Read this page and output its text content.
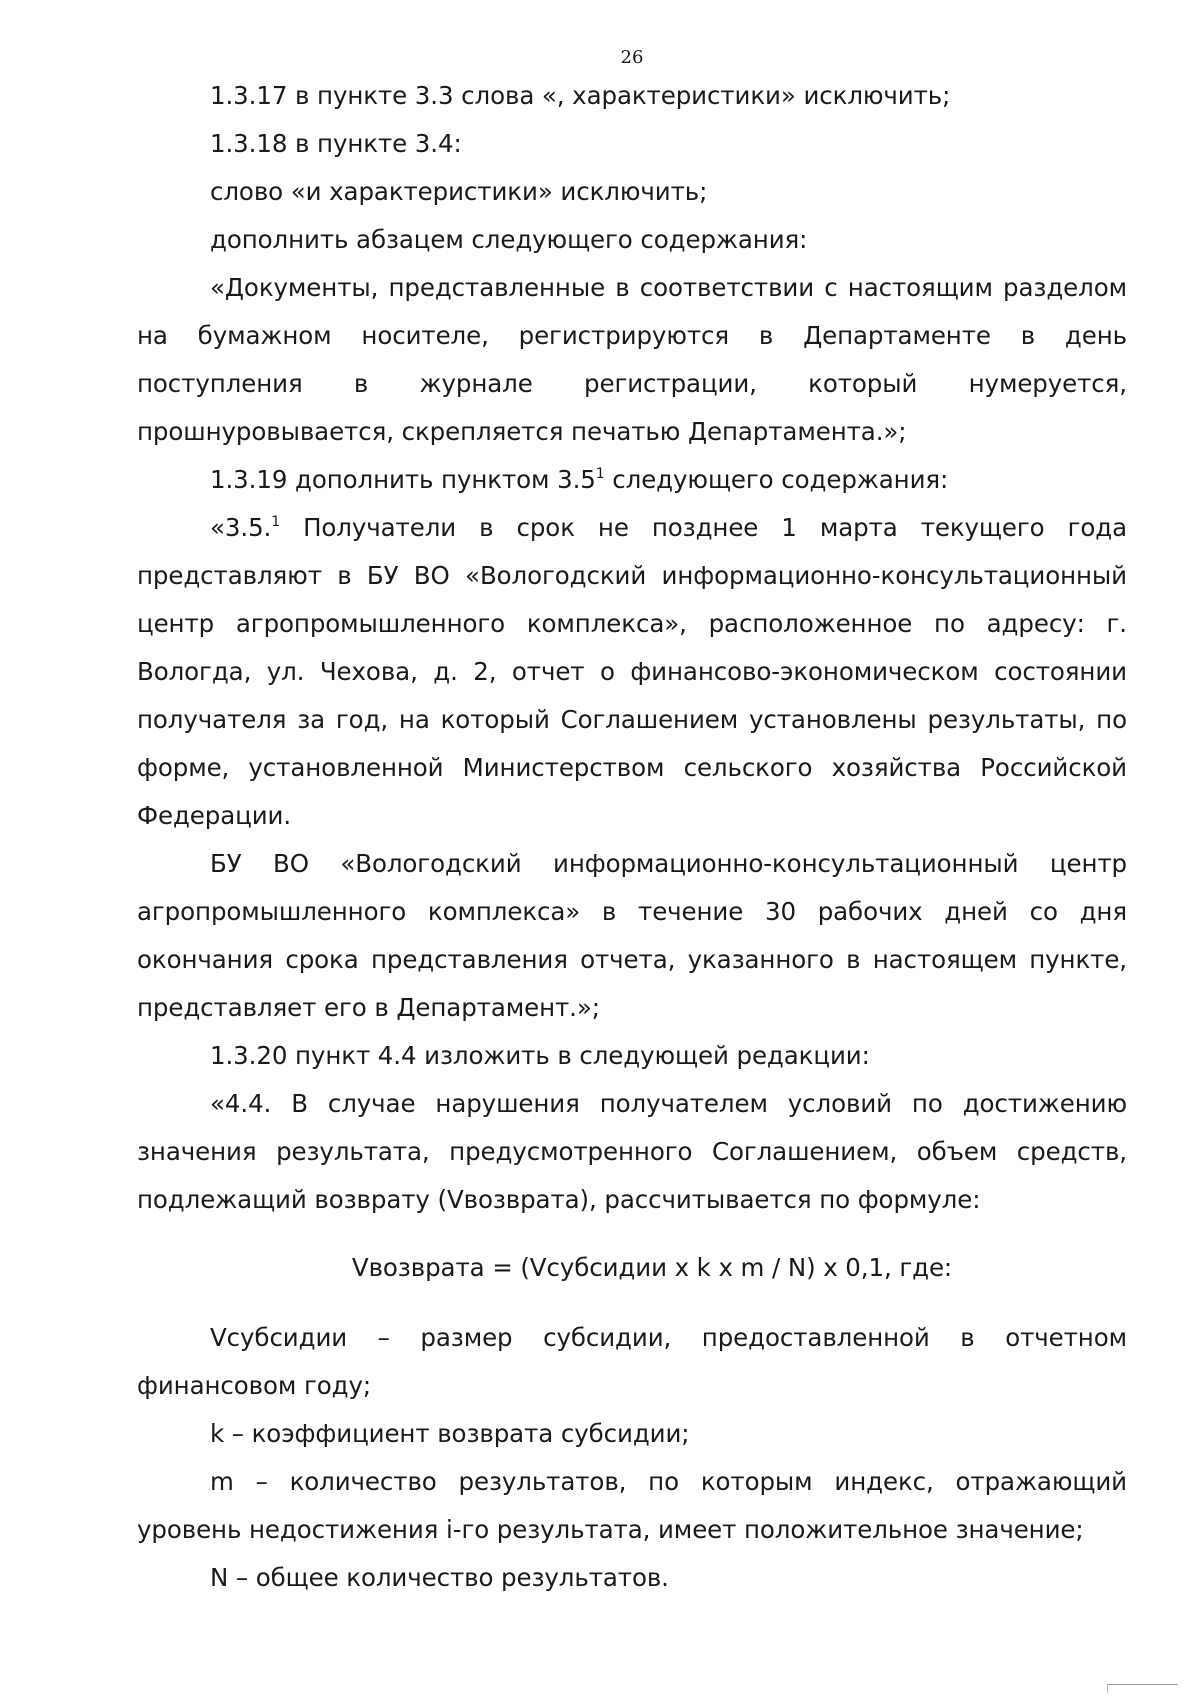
26

1.3.17 в пункте 3.3 слова «, характеристики» исключить;

1.3.18 в пункте 3.4:

слово «и характеристики» исключить;

дополнить абзацем следующего содержания:

«Документы, представленные в соответствии с настоящим разделом на бумажном носителе, регистрируются в Департаменте в день поступления в журнале регистрации, который нумеруется, прошнуровывается, скрепляется печатью Департамента.»;

1.3.19 дополнить пунктом $3.5^1$ следующего содержания:

«3.5.$^1$ Получатели в срок не позднее 1 марта текущего года представляют в БУ ВО «Вологодский информационно-консультационный центр агропромышленного комплекса», расположенное по адресу: г. Вологда, ул. Чехова, д. 2, отчет о финансово-экономическом состоянии получателя за год, на который Соглашением установлены результаты, по форме, установленной Министерством сельского хозяйства Российской Федерации.

БУ ВО «Вологодский информационно-консультационный центр агропромышленного комплекса» в течение 30 рабочих дней со дня окончания срока представления отчета, указанного в настоящем пункте, представляет его в Департамент.»;

1.3.20 пункт 4.4 изложить в следующей редакции:

«4.4. В случае нарушения получателем условий по достижению значения результата, предусмотренного Соглашением, объем средств, подлежащий возврату (Vвозврата), рассчитывается по формуле:

Vвозврата = (Vсубсидии x k x m / N) x 0,1, где:

Vсубсидии – размер субсидии, предоставленной в отчетном финансовом году;

k – коэффициент возврата субсидии;

m – количество результатов, по которым индекс, отражающий уровень недостижения i-го результата, имеет положительное значение;

N – общее количество результатов.
